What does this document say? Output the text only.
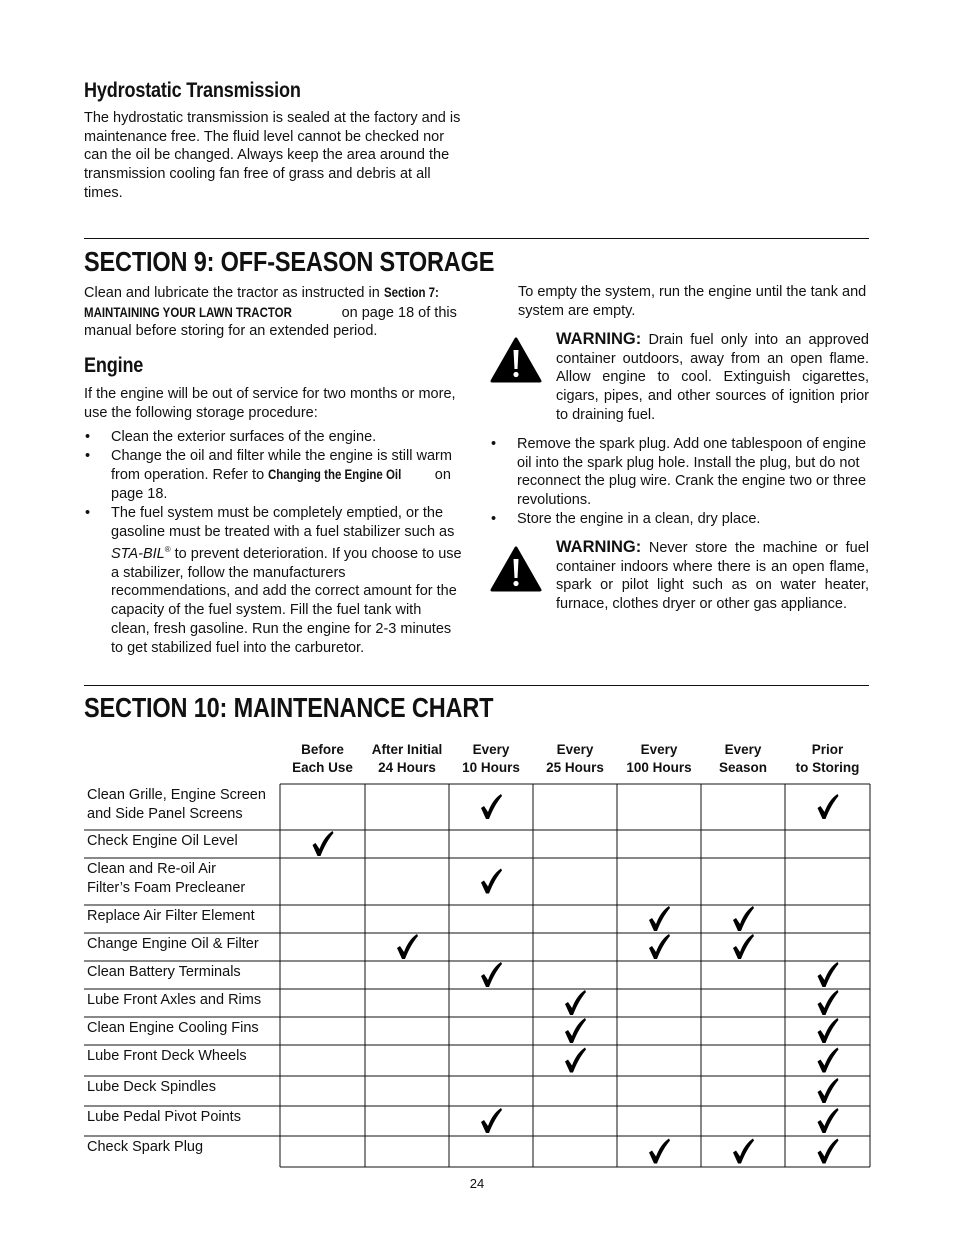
Hydrostatic Transmission
The hydrostatic transmission is sealed at the factory and is maintenance free. The fluid level cannot be checked nor can the oil be changed. Always keep the area around the transmission cooling fan free of grass and debris at all times.
SECTION 9: OFF-SEASON STORAGE
Clean and lubricate the tractor as instructed in Section 7:
MAINTAINING YOUR LAWN TRACTOR	on page 18 of this manual before storing for an extended period.
Engine
If the engine will be out of service for two months or more, use the following storage procedure:
• Clean the exterior surfaces of the engine.
• Change the oil and filter while the engine is still warm from operation. Refer to Changing the Engine Oil on page 18.
• The fuel system must be completely emptied, or the gasoline must be treated with a fuel stabilizer such as STA-BIL® to prevent deterioration. If you choose to use a stabilizer, follow the manufacturers recommendations, and add the correct amount for the capacity of the fuel system. Fill the fuel tank with clean, fresh gasoline. Run the engine for 2-3 minutes to get stabilized fuel into the carburetor.
To empty the system, run the engine until the tank and system are empty.
WARNING: Drain fuel only into an approved container outdoors, away from an open flame. Allow engine to cool. Extinguish cigarettes, cigars, pipes, and other sources of ignition prior to draining fuel.
• Remove the spark plug. Add one tablespoon of engine oil into the spark plug hole. Install the plug, but do not reconnect the plug wire. Crank the engine two or three revolutions.
• Store the engine in a clean, dry place.
WARNING: Never store the machine or fuel container indoors where there is an open flame, spark or pilot light such as on water heater, furnace, clothes dryer or other gas appliance.
SECTION 10: MAINTENANCE CHART
Before
Each Use
After Initial
24 Hours
Every
10 Hours
Every
25 Hours
Every
100 Hours
Every
Season
Prior
to Storing
Clean Grille, Engine Screen
and Side Panel Screens
Check Engine Oil Level
Clean and Re-oil Air
Filter’s Foam Precleaner
Replace Air Filter Element
Change Engine Oil & Filter
Clean Battery Terminals
Lube Front Axles and Rims
Clean Engine Cooling Fins
Lube Front Deck Wheels
Lube Deck Spindles
Lube Pedal Pivot Points
Check Spark Plug
24
